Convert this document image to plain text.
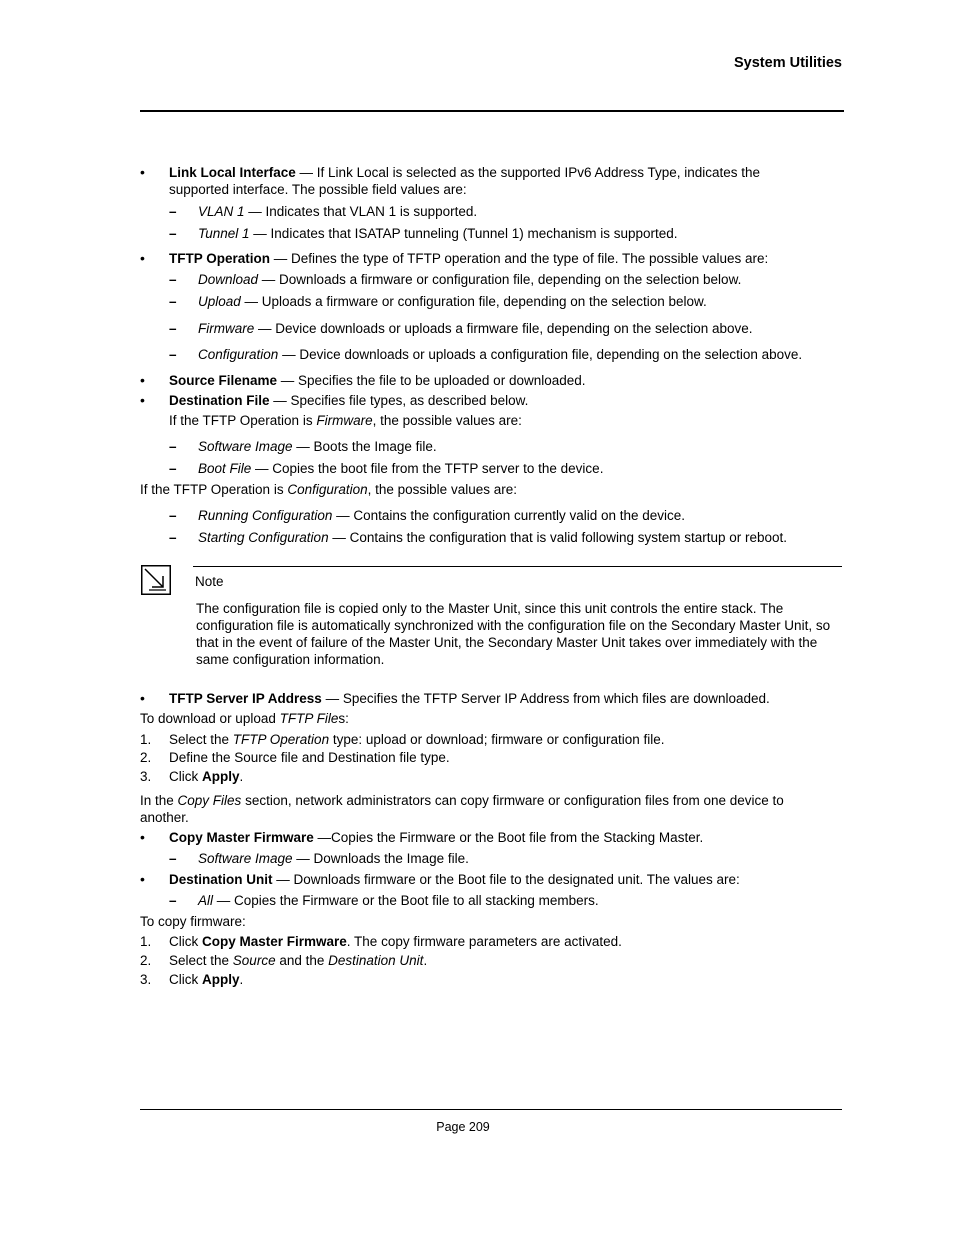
System Utilities
•
Link Local Interface — If Link Local is selected as the supported IPv6 Address Type, indicates the
supported interface. The possible field values are:
–
VLAN 1 — Indicates that VLAN 1 is supported.
–
Tunnel 1 — Indicates that ISATAP tunneling (Tunnel 1) mechanism is supported.
•
TFTP Operation — Defines the type of TFTP operation and the type of file. The possible values are:
–
Download — Downloads a firmware or configuration file, depending on the selection below.
–
Upload — Uploads a firmware or configuration file, depending on the selection below.
–
Firmware — Device downloads or uploads a firmware file, depending on the selection above.
–
Configuration — Device downloads or uploads a configuration file, depending on the selection above.
•
Source Filename — Specifies the file to be uploaded or downloaded.
•
Destination File — Specifies file types, as described below.
If the TFTP Operation is Firmware, the possible values are:
–
Software Image — Boots the Image file.
–
Boot File — Copies the boot file from the TFTP server to the device.
If the TFTP Operation is Configuration, the possible values are:
–
Running Configuration — Contains the configuration currently valid on the device.
–
Starting Configuration — Contains the configuration that is valid following system startup or reboot.
Note
The configuration file is copied only to the Master Unit, since this unit controls the entire stack. The configuration file is automatically synchronized with the configuration file on the Secondary Master Unit, so that in the event of failure of the Master Unit, the Secondary Master Unit takes over immediately with the same configuration information.
•
TFTP Server IP Address — Specifies the TFTP Server IP Address from which files are downloaded.
To download or upload TFTP Files:
1. Select the TFTP Operation type: upload or download; firmware or configuration file.
2. Define the Source file and Destination file type.
3. Click Apply.
In the Copy Files section, network administrators can copy firmware or configuration files from one device to
another.
•
Copy Master Firmware —Copies the Firmware or the Boot file from the Stacking Master.
–
Software Image — Downloads the Image file.
•
Destination Unit — Downloads firmware or the Boot file to the designated unit. The values are:
–
All — Copies the Firmware or the Boot file to all stacking members.
To copy firmware:
1. Click Copy Master Firmware. The copy firmware parameters are activated.
2. Select the Source and the Destination Unit.
3. Click Apply.
Page 209
